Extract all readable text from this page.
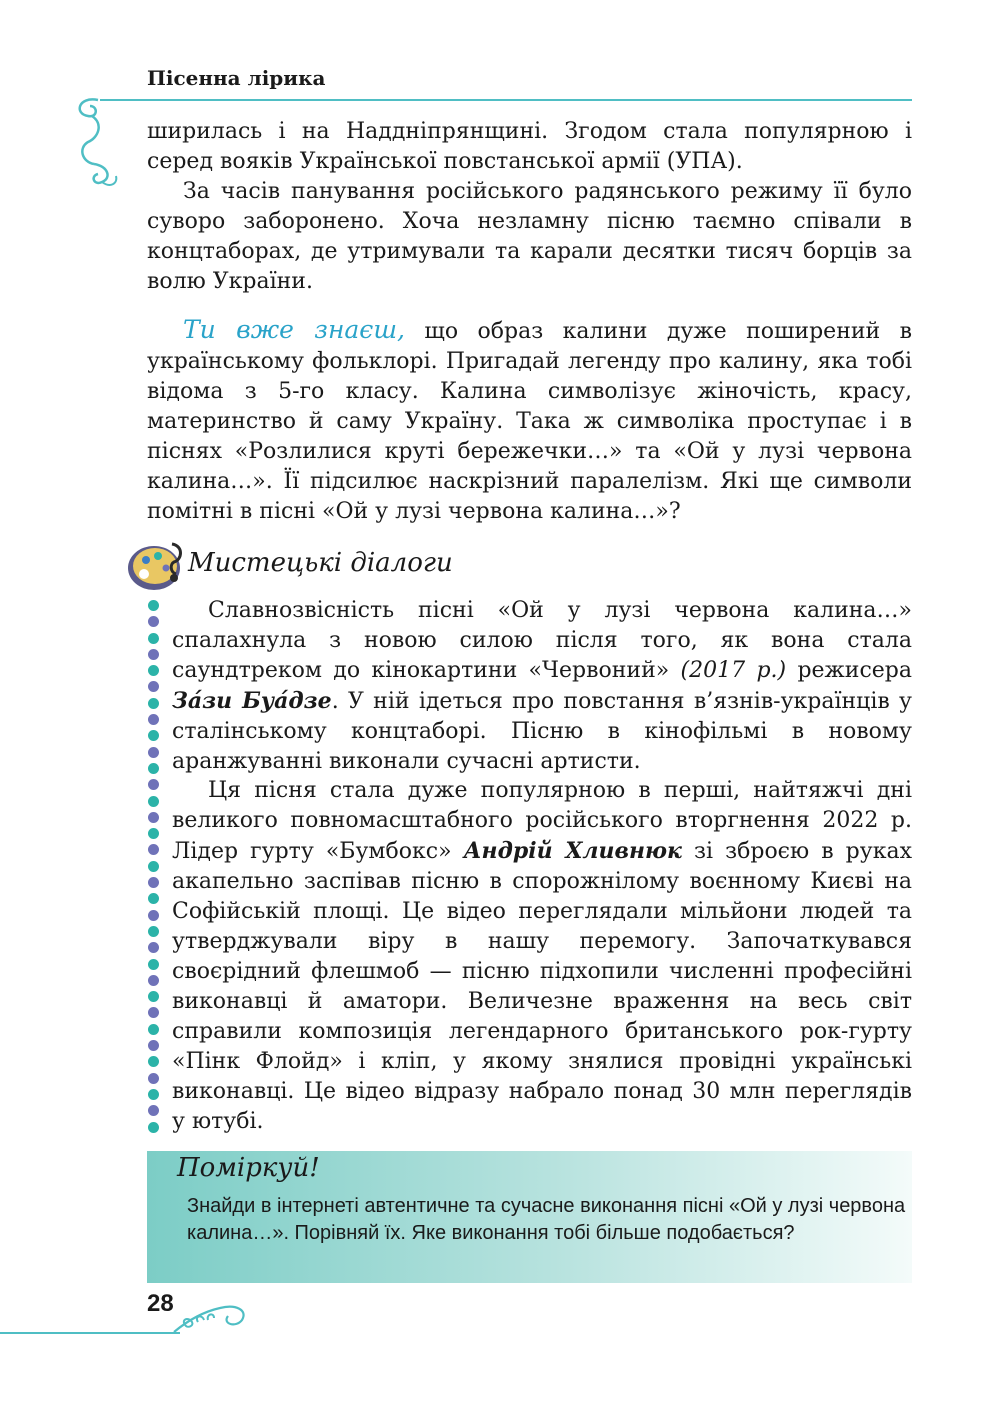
Пісенна лірика

ширилась і на Наддніпрянщині. Згодом стала популярною і серед вояків Української повстанської армії (УПА).

За часів панування російського радянського режиму її було суворо заборонено. Хоча незламну пісню таємно співали в концтаборах, де утримували та карали десятки тисяч борців за волю України.

Ти вже знаєш, що образ калини дуже поширений в українському фольклорі. Пригадай легенду про калину, яка тобі відома з 5-го класу. Калина символізує жіночість, красу, материнство й саму Україну. Така ж символіка проступає і в піснях «Розлилися круті бережечки…» та «Ой у лузі червона калина…». Її підсилює наскрізний паралелізм. Які ще символи помітні в пісні «Ой у лузі червона калина…»?

Мистецькі діалоги

Славнозвісність пісні «Ой у лузі червона калина…» спалахнула з новою силою після того, як вона стала саундтреком до кінокартини «Червоний» (2017 р.) режисера За́зи Буа́дзе. У ній ідеться про повстання в’язнів-українців у сталінському концтаборі. Пісню в кінофільмі в новому аранжуванні виконали сучасні артисти.

Ця пісня стала дуже популярною в перші, найтяжчі дні великого повномасштабного російського вторгнення 2022 р. Лідер гурту «Бумбокс» Андрій Хливнюк зі зброєю в руках акапельно заспівав пісню в спорожнілому воєнному Києві на Софійській площі. Це відео переглядали мільйони людей та утверджували віру в нашу перемогу. Започаткувався своєрідний флешмоб — пісню підхопили численні професійні виконавці й аматори. Величезне враження на весь світ справили композиція легендарного британського рок-гурту «Пінк Флойд» і кліп, у якому знялися провідні українські виконавці. Це відео відразу набрало понад 30 млн переглядів у ютубі.

Поміркуй!
Знайди в інтернеті автентичне та сучасне виконання пісні «Ой у лузі червона калина…». Порівняй їх. Яке виконання тобі більше подобається?
28
